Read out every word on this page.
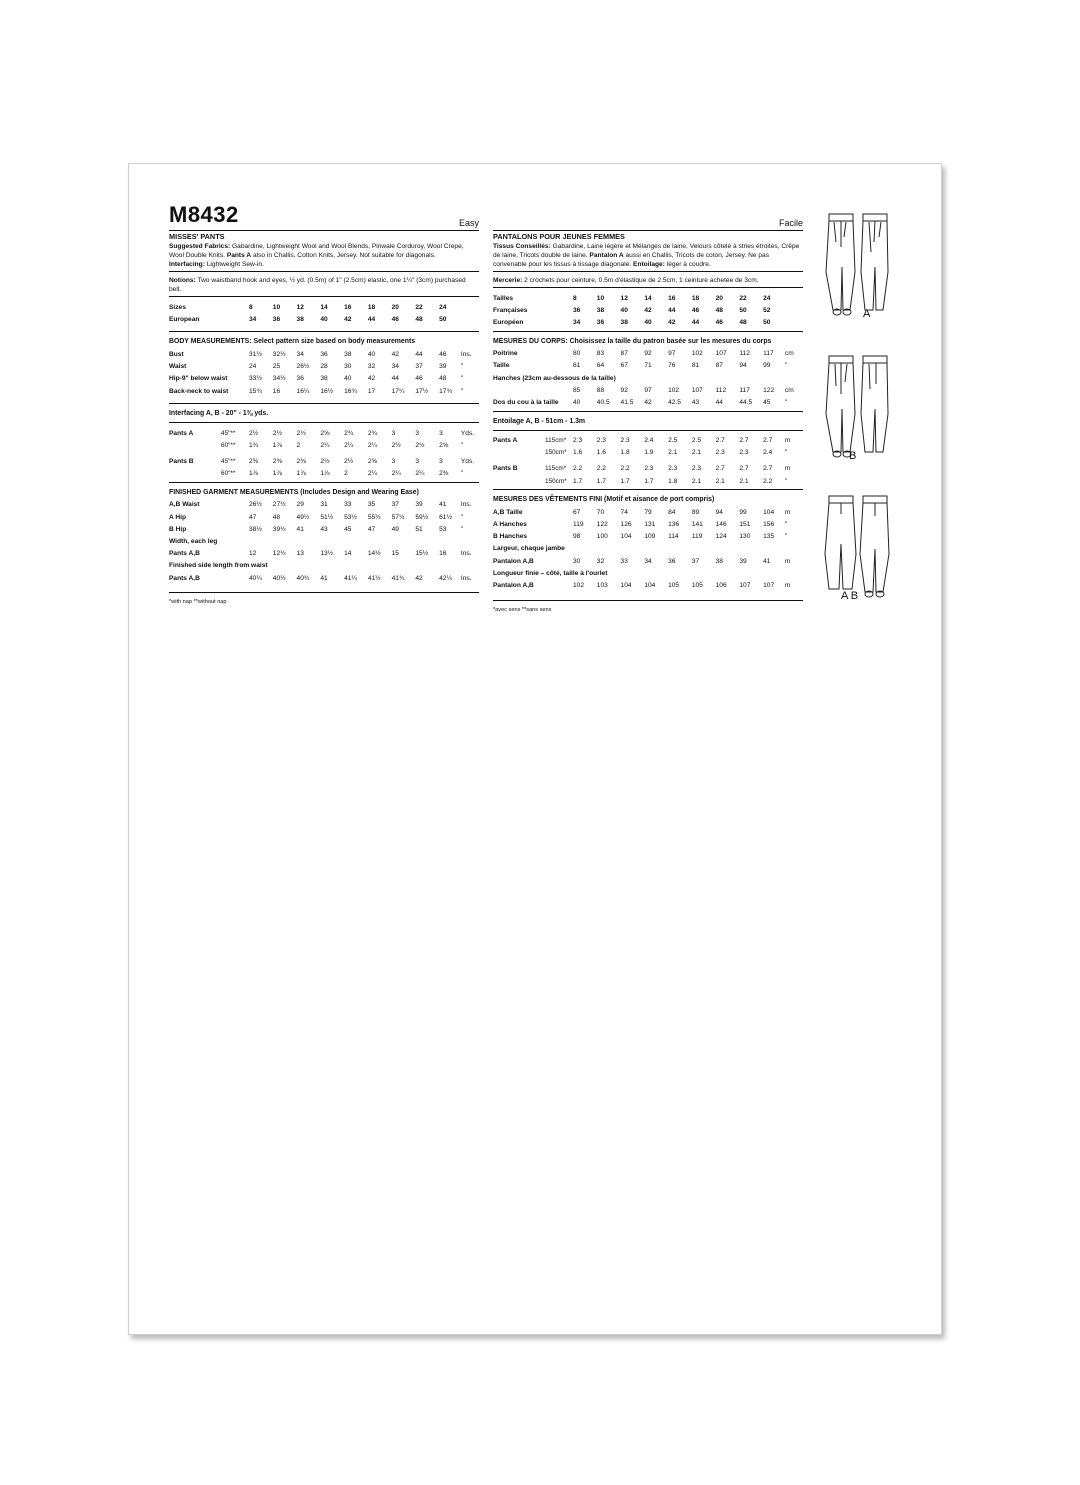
M8432	Easy
MISSES' PANTS
Suggested Fabrics: Gabardine, Lightweight Wool and Wool Blends, Pinwale Corduroy, Wool Crepe, Wool Double Knits. Pants A also in Challis, Cotton Knits, Jersey. Not suitable for diagonals.
Interfacing: Lightweight Sew-in.
Notions: Two waistband hook and eyes, ½ yd. (0.5m) of 1" (2.5cm) elastic, one 1¼" (3cm) purchased belt.
Sizes		8	10	12	14	16	18	20	22	24	
European		34	36	38	40	42	44	46	48	50	
BODY MEASUREMENTS: Select pattern size based on body measurements
Bust		31½	32½	34	36	38	40	42	44	46	Ins.
Waist		24	25	26½	28	30	32	34	37	39	"
Hip-9" below waist		33½	34½	36	38	40	42	44	46	48	"
Back-neck to waist		15¾	16	16¼	16½	16¾	17	17¼	17½	17¾	"
Interfacing A, B - 20" - 1⅜ yds.
Pants A	45"**	2½	2½	2½	2⅝	2¾	2¾	3	3	3	Yds.
	60"**	1¾	1⅞	2	2¼	2¼	2¼	2½	2½	2⅝	"

Pants B	45"**	2⅜	2⅜	2⅜	2½	2½	2⅝	3	3	3	Yds.
	60"**	1⅞	1⅞	1⅞	1⅞	2	2¼	2¼	2¼	2⅜	"
FINISHED GARMENT MEASUREMENTS (Includes Design and Wearing Ease)
A,B Waist		26½	27½	29	31	33	35	37	39	41	Ins.
A Hip		47	48	49½	51½	53½	55½	57½	59½	61½	"
B Hip		38½	39½	41	43	45	47	49	51	53	"
Width, each leg										
Pants A,B		12	12½	13	13½	14	14½	15	15½	16	Ins.
Finished side length from waist										
Pants A,B		40¼	40½	40¾	41	41¼	41½	41¾	42	42¼	Ins.
*with nap **without nap
Facile
PANTALONS POUR JEUNES FEMMES
Tissus Conseillés: Gabardine, Laine légère et Mélanges de laine, Velours côtelé à stries étroites, Crêpe de laine, Tricots double de laine. Pantalon A aussi en Challis, Tricots de coton, Jersey. Ne pas convenable pour les tissus à tissage diagonale. Entoilage: léger à coudre.
Mercerie: 2 crochets pour ceinture, 0.5m d'élastique de 2.5cm, 1 ceinture achetée de 3cm.
Tailles		8	10	12	14	16	18	20	22	24	
Françaises		36	38	40	42	44	46	48	50	52	
Européen		34	36	38	40	42	44	46	48	50	
MESURES DU CORPS: Choisissez la taille du patron basée sur les mesures du corps
Poitrine		80	83	87	92	97	102	107	112	117	cm
Taille		61	64	67	71	76	81	87	94	99	"
Hanches (23cm au-dessous de la taille)										
		85	88	92	97	102	107	112	117	122	cm
Dos du cou à la taille		40	40.5	41.5	42	42.5	43	44	44.5	45	"
Entoilage A, B - 51cm - 1.3m
Pants A	115cm*	2.3	2.3	2.3	2.4	2.5	2.5	2.7	2.7	2.7	m
	150cm*	1.6	1.6	1.8	1.9	2.1	2.1	2.3	2.3	2.4	"

Pants B	115cm*	2.2	2.2	2.2	2.3	2.3	2.3	2.7	2.7	2.7	m
	150cm*	1.7	1.7	1.7	1.7	1.8	2.1	2.1	2.1	2.2	"
MESURES DES VÊTEMENTS FINI (Motif et aisance de port compris)
A,B Taille		67	70	74	79	84	89	94	99	104	m
A Hanches		119	122	126	131	136	141	146	151	156	"
B Hanches		98	100	104	109	114	119	124	130	135	"
Largeur, chaque jambe										
Pantalon A,B		30	32	33	34	36	37	38	39	41	m
Longueur finie – côté, taille à l'ourlet										
Pantalon A,B		102	103	104	104	105	105	106	107	107	m
*avec sens **sans sens
A
B
A B
